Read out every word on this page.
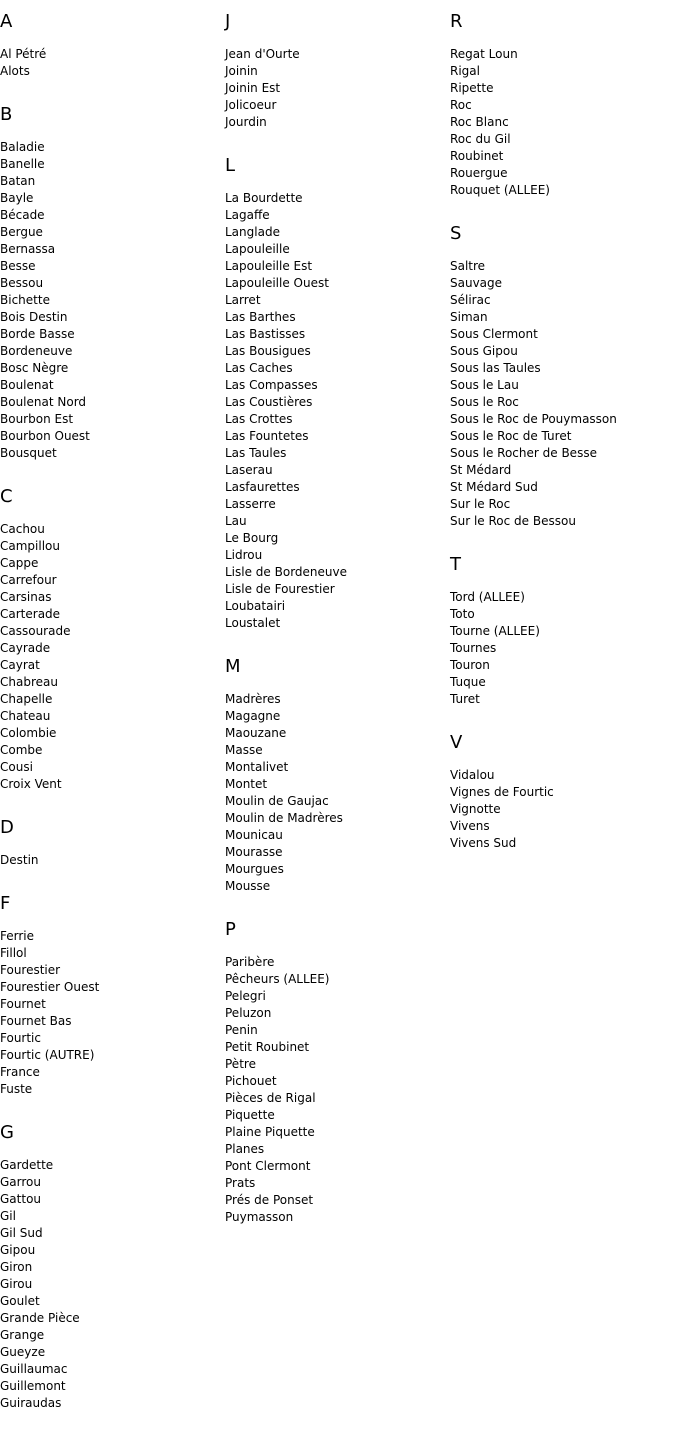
A
Al Pétré
Alots
B
Baladie
Banelle
Batan
Bayle
Bécade
Bergue
Bernassa
Besse
Bessou
Bichette
Bois Destin
Borde Basse
Bordeneuve
Bosc Nègre
Boulenat
Boulenat Nord
Bourbon Est
Bourbon Ouest
Bousquet
C
Cachou
Campillou
Cappe
Carrefour
Carsinas
Carterade
Cassourade
Cayrade
Cayrat
Chabreau
Chapelle
Chateau
Colombie
Combe
Cousi
Croix Vent
D
Destin
F
Ferrie
Fillol
Fourestier
Fourestier Ouest
Fournet
Fournet Bas
Fourtic
Fourtic (AUTRE)
France
Fuste
G
Gardette
Garrou
Gattou
Gil
Gil Sud
Gipou
Giron
Girou
Goulet
Grande Pièce
Grange
Gueyze
Guillaumac
Guillemont
Guiraudas
J
Jean d'Ourte
Joinin
Joinin Est
Jolicoeur
Jourdin
L
La Bourdette
Lagaffe
Langlade
Lapouleille
Lapouleille Est
Lapouleille Ouest
Larret
Las Barthes
Las Bastisses
Las Bousigues
Las Caches
Las Compasses
Las Coustières
Las Crottes
Las Fountetes
Las Taules
Laserau
Lasfaurettes
Lasserre
Lau
Le Bourg
Lidrou
Lisle de Bordeneuve
Lisle de Fourestier
Loubatairi
Loustalet
M
Madrères
Magagne
Maouzane
Masse
Montalivet
Montet
Moulin de Gaujac
Moulin de Madrères
Mounicau
Mourasse
Mourgues
Mousse
P
Paribère
Pêcheurs (ALLEE)
Pelegri
Peluzon
Penin
Petit Roubinet
Pètre
Pichouet
Pièces de Rigal
Piquette
Plaine Piquette
Planes
Pont Clermont
Prats
Prés de Ponset
Puymasson
R
Regat Loun
Rigal
Ripette
Roc
Roc Blanc
Roc du Gil
Roubinet
Rouergue
Rouquet (ALLEE)
S
Saltre
Sauvage
Sélirac
Siman
Sous Clermont
Sous Gipou
Sous las Taules
Sous le Lau
Sous le Roc
Sous le Roc de Pouymasson
Sous le Roc de Turet
Sous le Rocher de Besse
St Médard
St Médard Sud
Sur le Roc
Sur le Roc de Bessou
T
Tord (ALLEE)
Toto
Tourne (ALLEE)
Tournes
Touron
Tuque
Turet
V
Vidalou
Vignes de Fourtic
Vignotte
Vivens
Vivens Sud
